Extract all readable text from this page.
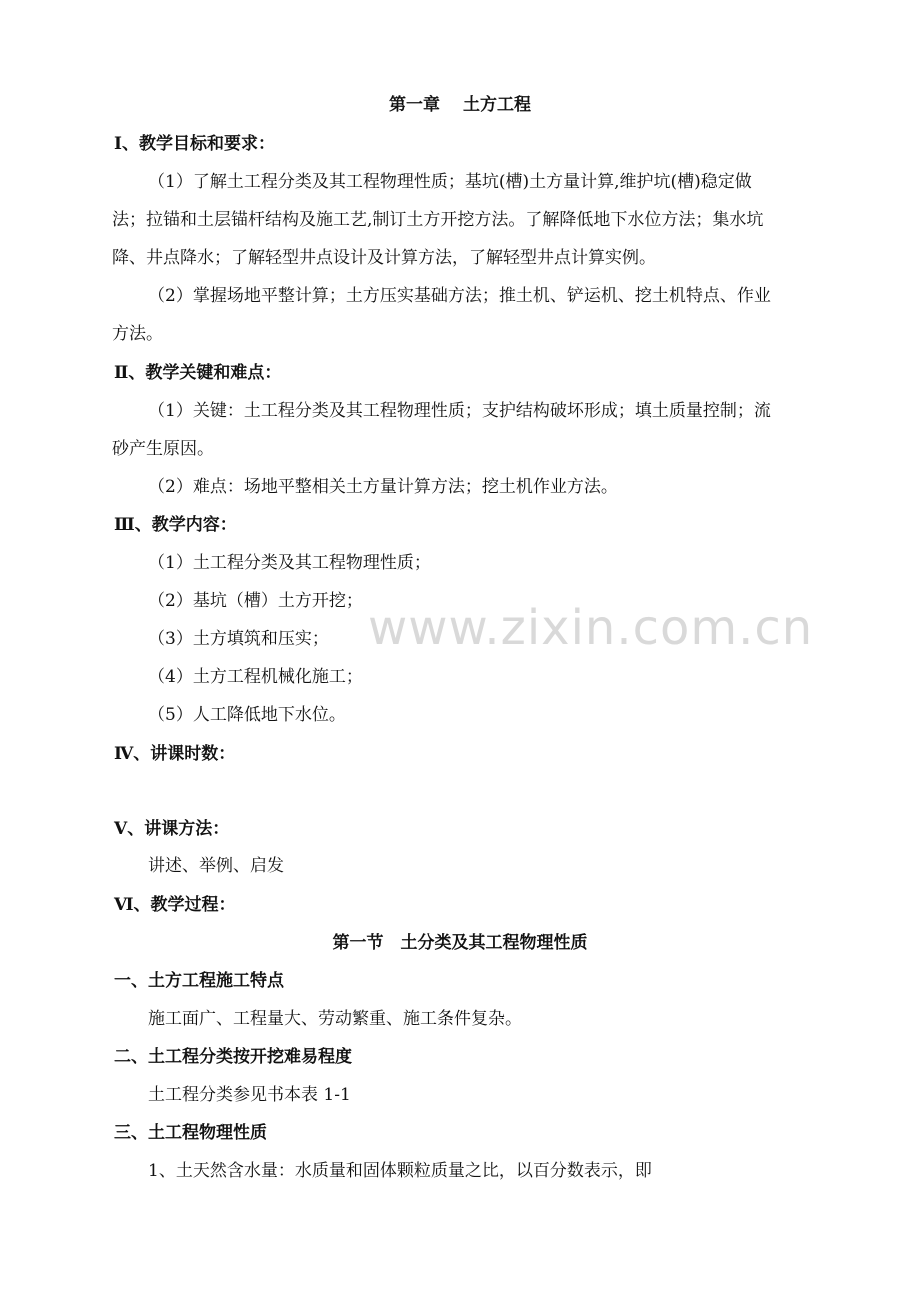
第一章　 土方工程
Ⅰ、教学目标和要求：
（1）了解土工程分类及其工程物理性质；基坑(槽)土方量计算,维护坑(槽)稳定做
法；拉锚和土层锚杆结构及施工艺,制订土方开挖方法。了解降低地下水位方法；集水坑
降、井点降水；了解轻型井点设计及计算方法，了解轻型井点计算实例。
（2）掌握场地平整计算；土方压实基础方法；推土机、铲运机、挖土机特点、作业
方法。
Ⅱ、教学关键和难点：
（1）关键：土工程分类及其工程物理性质；支护结构破坏形成；填土质量控制；流
砂产生原因。
（2）难点：场地平整相关土方量计算方法；挖土机作业方法。
Ⅲ、教学内容：
（1）土工程分类及其工程物理性质；
（2）基坑（槽）土方开挖；
（3）土方填筑和压实；
（4）土方工程机械化施工；
（5）人工降低地下水位。
Ⅳ、讲课时数：
Ⅴ、讲课方法：
讲述、举例、启发
Ⅵ、教学过程：
第一节　土分类及其工程物理性质
一、土方工程施工特点
施工面广、工程量大、劳动繁重、施工条件复杂。
二、土工程分类按开挖难易程度
土工程分类参见书本表 1-1
三、土工程物理性质
1、土天然含水量：水质量和固体颗粒质量之比，以百分数表示，即
www.zixin.com.cn
